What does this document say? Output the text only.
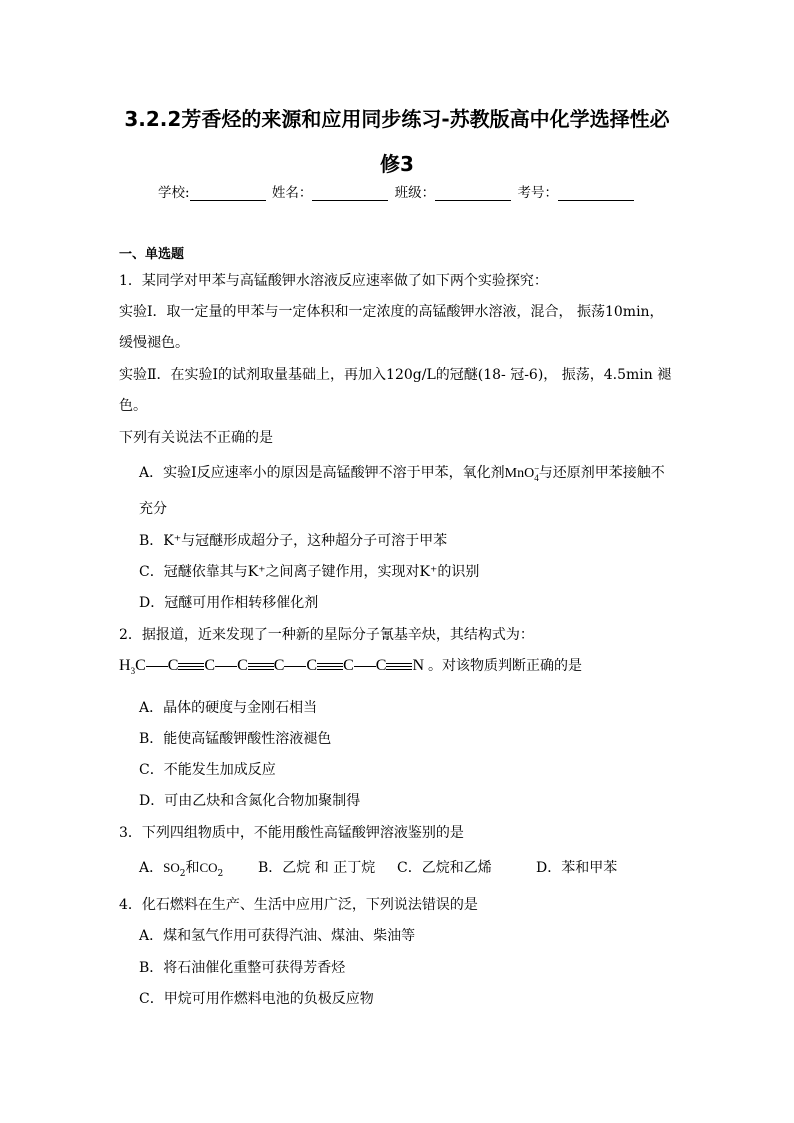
3.2.2芳香烃的来源和应用同步练习-苏教版高中化学选择性必
修3
学校:	姓名：	班级：	考号：
一、单选题
1．某同学对甲苯与高锰酸钾水溶液反应速率做了如下两个实验探究：
实验Ⅰ．取一定量的甲苯与一定体积和一定浓度的高锰酸钾水溶液，混合， 振荡10min，
缓慢褪色。
实验Ⅱ．在实验Ⅰ的试剂取量基础上，再加入120g/L的冠醚(18- 冠-6)， 振荡，4.5min 褪
色。
下列有关说法不正确的是
A．实验Ⅰ反应速率小的原因是高锰酸钾不溶于甲苯，氧化剂MnO−$_4$与还原剂甲苯接触不
充分
B．K⁺与冠醚形成超分子，这种超分子可溶于甲苯
C．冠醚依靠其与K⁺之间离子键作用，实现对K⁺的识别
D．冠醚可用作相转移催化剂
2．据报道，近来发现了一种新的星际分子氰基辛炔，其结构式为：
$H_3C$ C C C C C C C N 。对该物质判断正确的是
A．晶体的硬度与金刚石相当
B．能使高锰酸钾酸性溶液褪色
C．不能发生加成反应
D．可由乙炔和含氮化合物加聚制得
3．下列四组物质中，不能用酸性高锰酸钾溶液鉴别的是
A．$SO_2$和$CO_2$ B．乙烷 和 正丁烷 C．乙烷和乙烯	D．苯和甲苯
4．化石燃料在生产、生活中应用广泛，下列说法错误的是
A．煤和氢气作用可获得汽油、煤油、柴油等
B．将石油催化重整可获得芳香烃
C．甲烷可用作燃料电池的负极反应物
